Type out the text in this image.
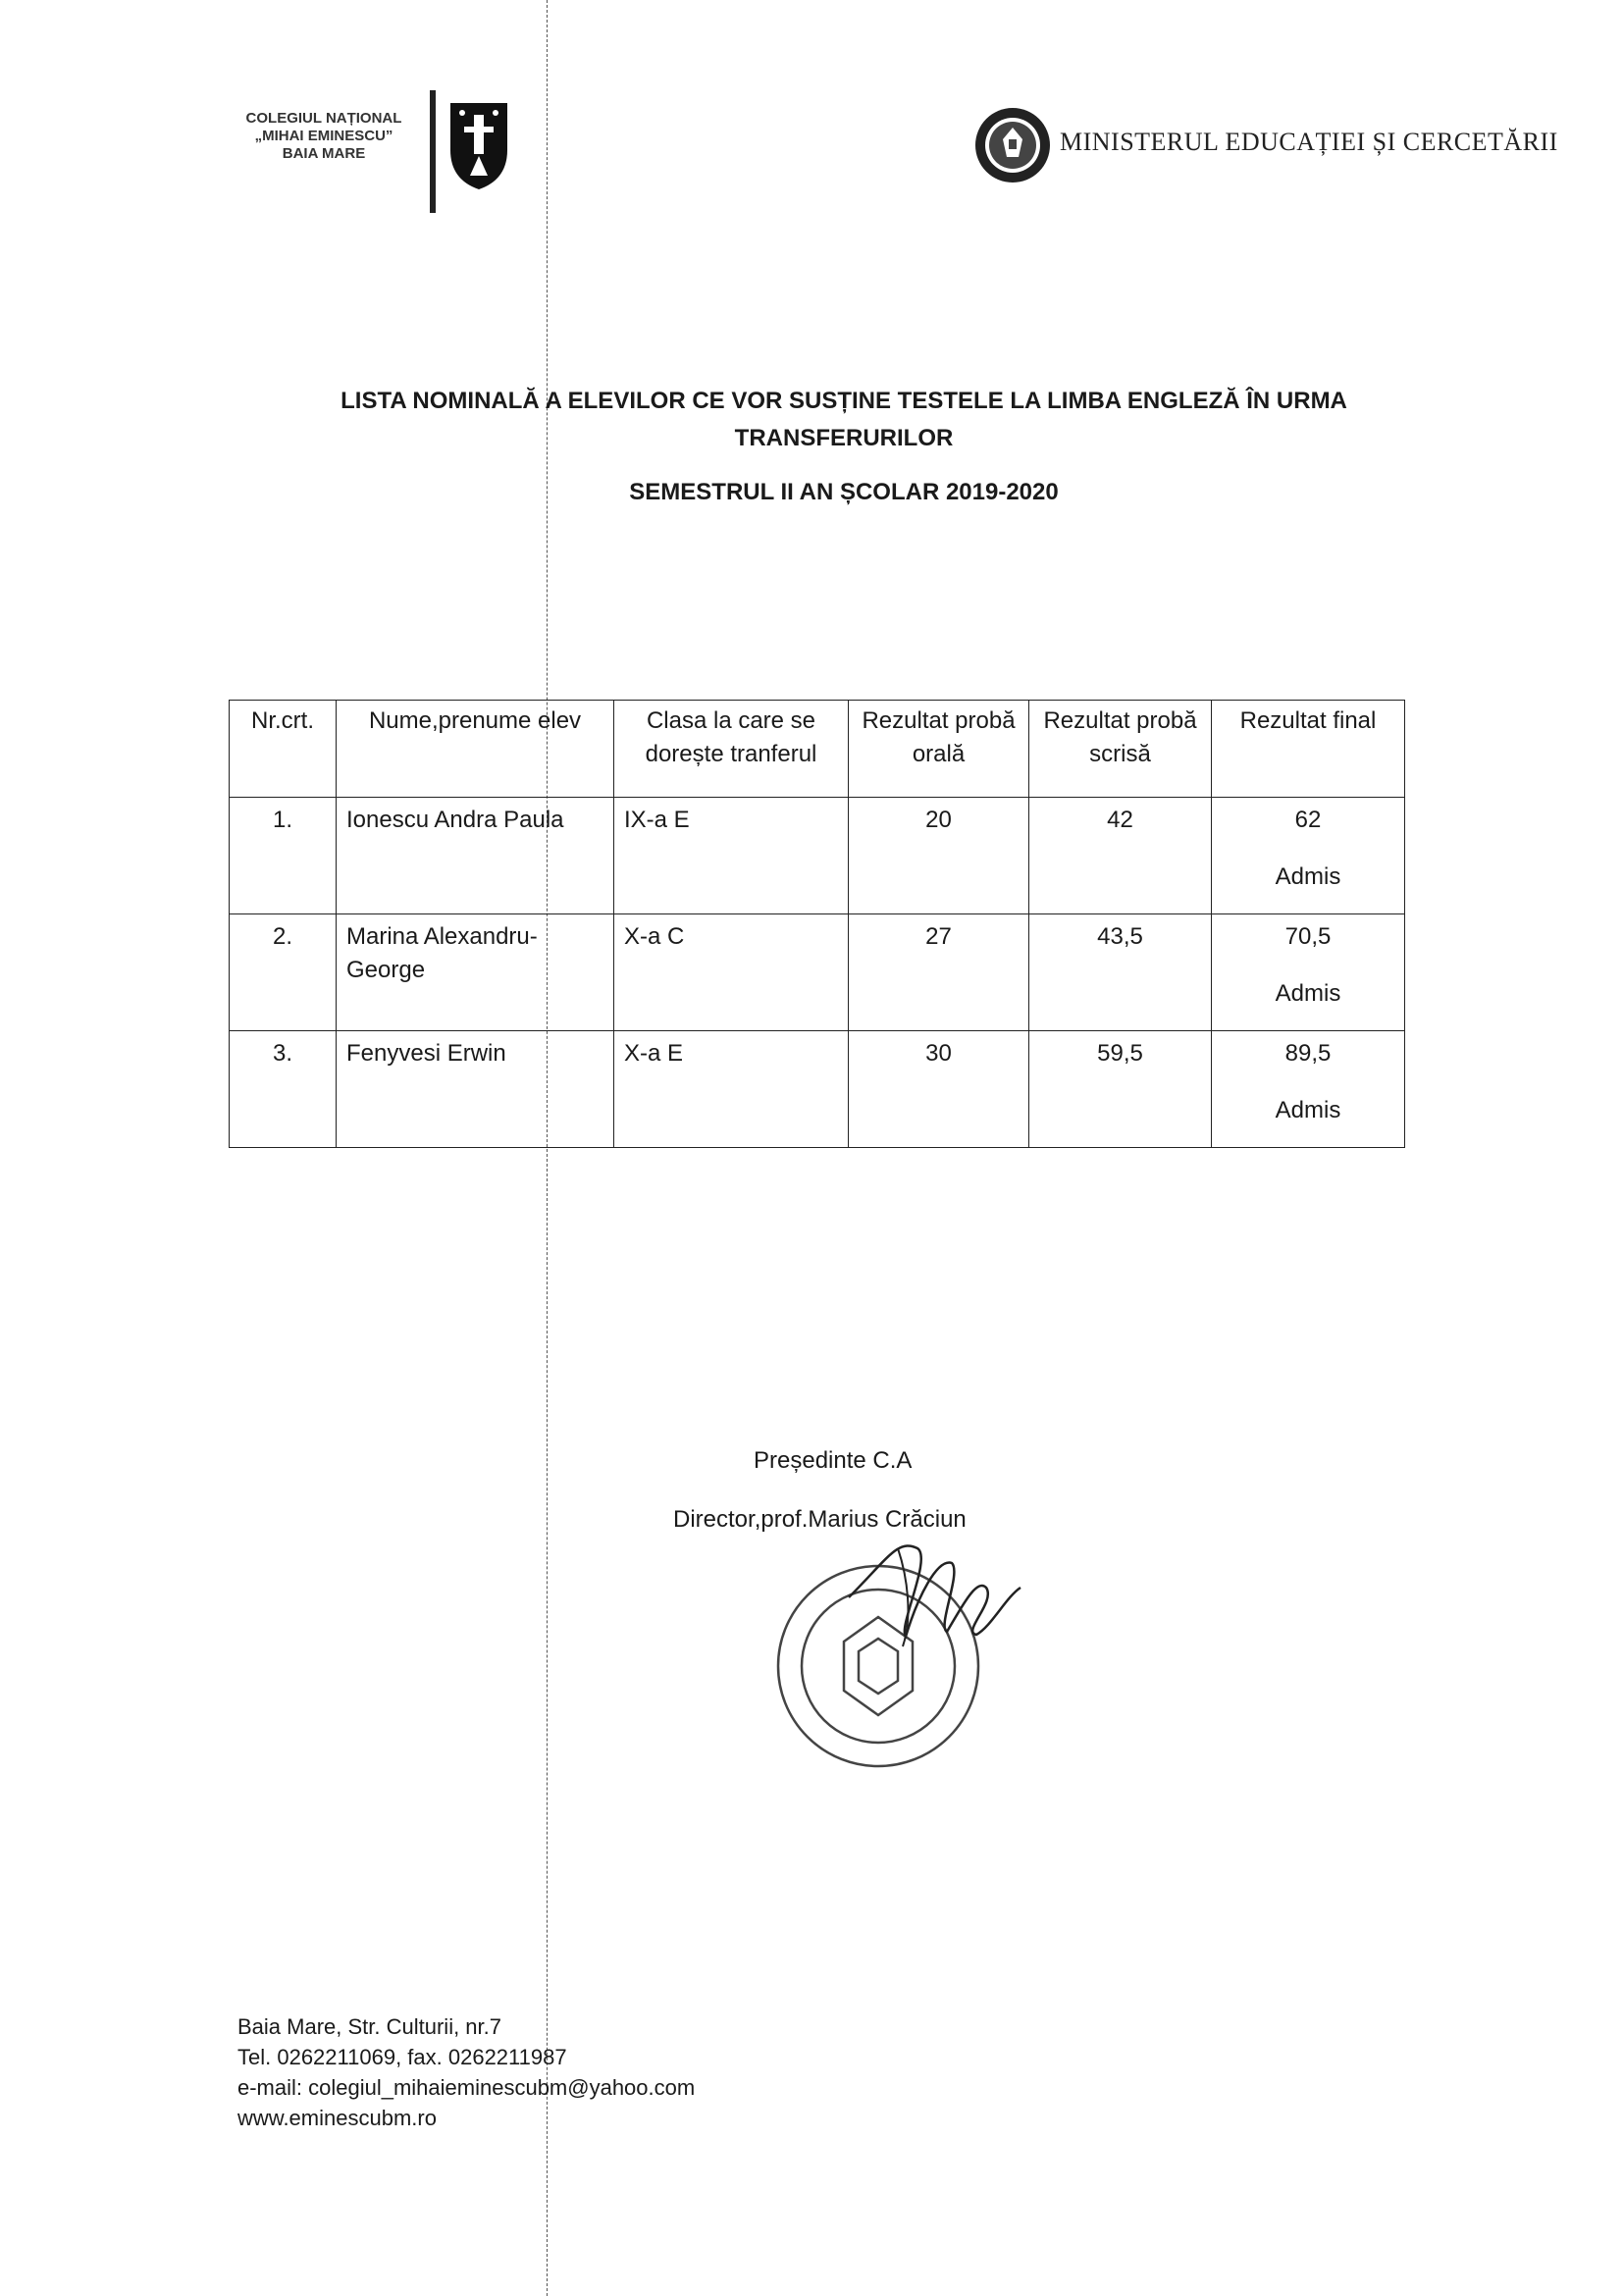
COLEGIUL NAȚIONAL
„MIHAI EMINESCU”
BAIA MARE	MINISTERUL EDUCAȚIEI ȘI CERCETĂRII
LISTA NOMINALĂ A ELEVILOR CE VOR SUSȚINE TESTELE LA LIMBA ENGLEZĂ ÎN URMA
TRANSFERURILOR
SEMESTRUL II AN ȘCOLAR 2019-2020
Nr.crt.	Nume,prenume elev	Clasa la care se dorește tranferul	Rezultat probă orală	Rezultat probă scrisă	Rezultat final
1.	Ionescu Andra Paula	IX-a E	20	42	62
Admis

2.	Marina Alexandru-George	X-a C	27	43,5	70,5
Admis

3.	Fenyvesi Erwin	X-a E	30	59,5	89,5
Admis
Președinte C.A
Director,prof.Marius Crăciun
Baia Mare, Str. Culturii, nr.7
Tel. 0262211069, fax. 0262211987
e-mail: colegiul_mihaieminescubm@yahoo.com
www.eminescubm.ro
